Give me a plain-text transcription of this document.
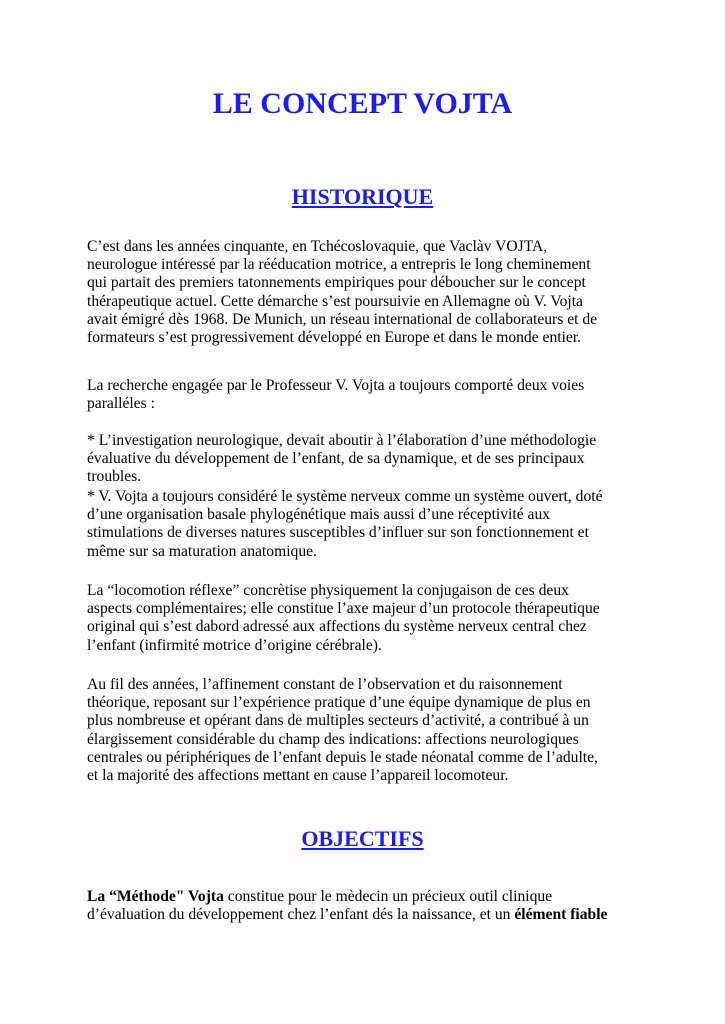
LE CONCEPT VOJTA
HISTORIQUE

C’est dans les années cinquante, en Tchécoslovaquie, que Vaclàv VOJTA,
neurologue intéressé par la rééducation motrice, a entrepris le long cheminement
qui partait des premiers tatonnements empiriques pour déboucher sur le concept
thérapeutique actuel. Cette démarche s’est poursuivie en Allemagne où V. Vojta
avait émigré dès 1968. De Munich, un réseau international de collaborateurs et de
formateurs s’est progressivement développé en Europe et dans le monde entier.

La recherche engagée par le Professeur V. Vojta a toujours comporté deux voies
paralléles :

* L’investigation neurologique, devait aboutir à l’élaboration d’une méthodologie
évaluative du développement de l’enfant, de sa dynamique, et de ses principaux
troubles.

* V. Vojta a toujours considéré le système nerveux comme un système ouvert, doté
d’une organisation basale phylogénétique mais aussi d’une réceptivité aux
stimulations de diverses natures susceptibles d’influer sur son fonctionnement et
même sur sa maturation anatomique.

La “locomotion réflexe” concrètise physiquement la conjugaison de ces deux
aspects complémentaires; elle constitue l’axe majeur d’un protocole thérapeutique
original qui s’est dabord adressé aux affections du système nerveux central chez
l’enfant (infirmité motrice d’origine cérébrale).

Au fil des années, l’affinement constant de l’observation et du raisonnement
théorique, reposant sur l’expérience pratique d’une équipe dynamique de plus en
plus nombreuse et opérant dans de multiples secteurs d’activité, a contribué à un
élargissement considérable du champ des indications: affections neurologiques
centrales ou périphériques de l’enfant depuis le stade néonatal comme de l’adulte,
et la majorité des affections mettant en cause l’appareil locomoteur.

OBJECTIFS

La “Méthode" Vojta constitue pour le mèdecin un précieux outil clinique
d’évaluation du développement chez l’enfant dés la naissance, et un élément fiable
